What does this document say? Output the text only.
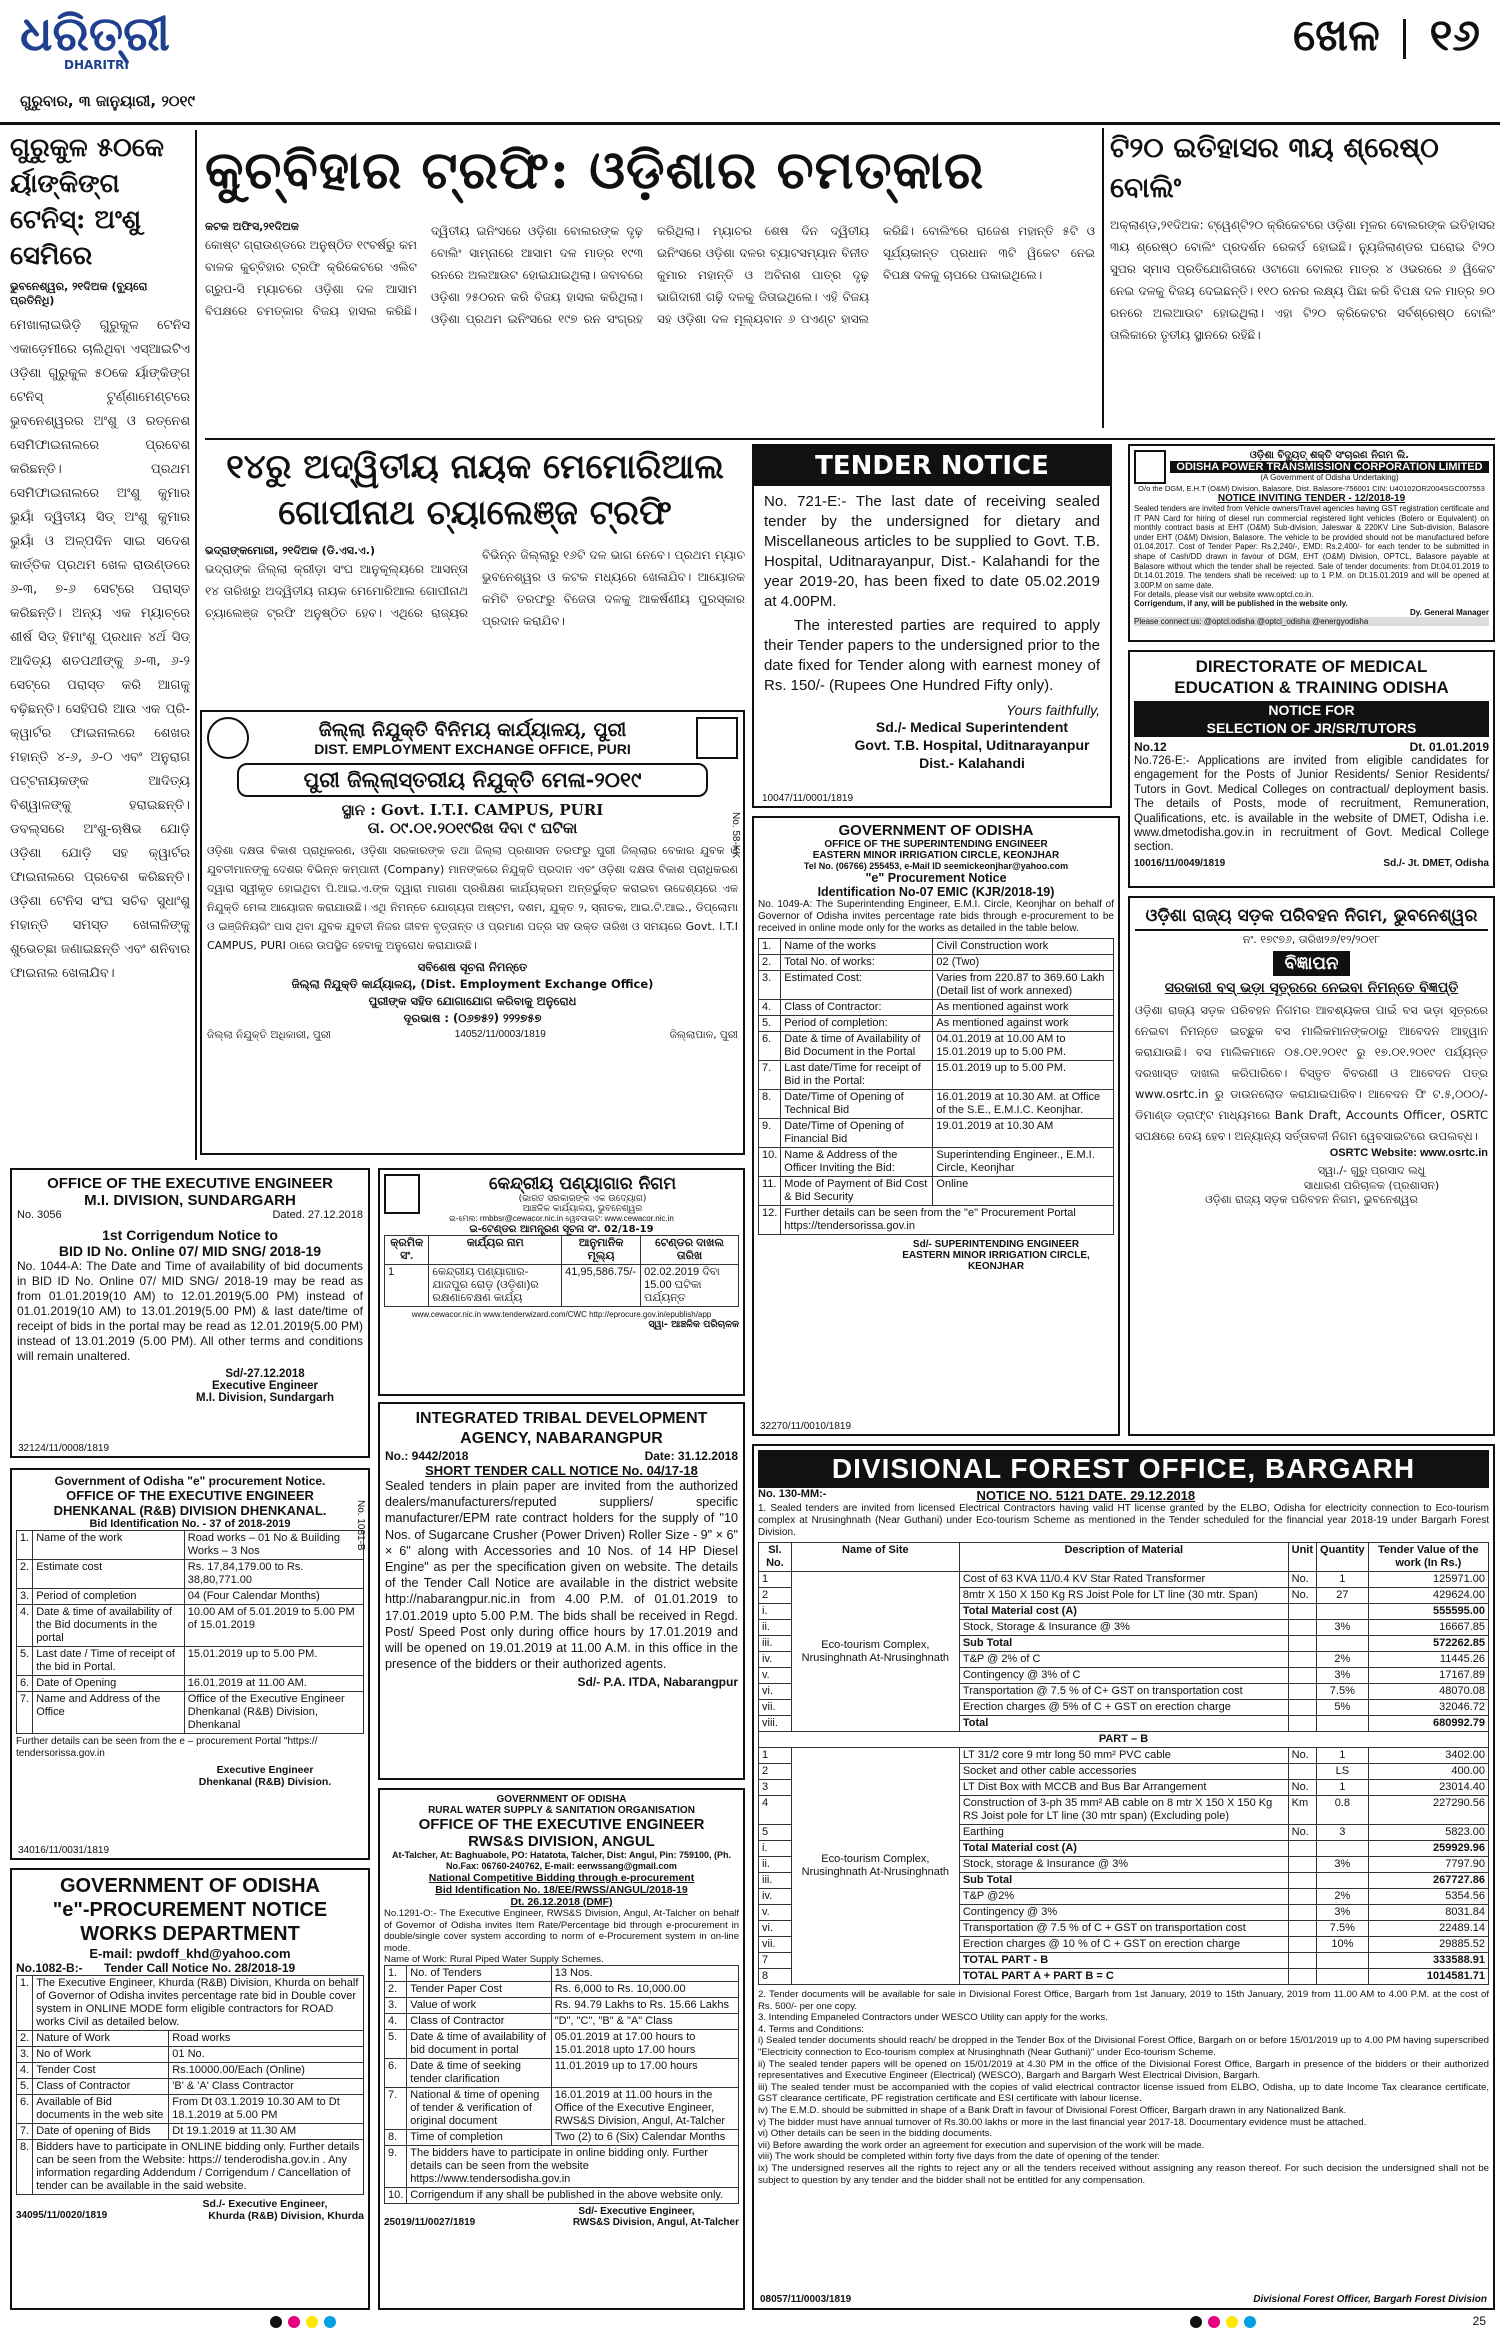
ଧରିତ୍ରୀ
DHARITRI
ଗୁରୁବାର, ୩ ଜାନୁୟାରୀ, ୨୦୧୯
ଖେଳ ୧୬
ଗୁରୁକୁଳ ୫୦କେ ର୍ୟାଙ୍କିଙ୍ଗ ଟେନିସ୍: ଅଂଶୁ ସେମିରେ
ଭୁବନେଶ୍ୱର, ୨୧ଦିଅକ (ବ୍ୟୁରୋ ପ୍ରତିନିଧି)
ମେଖାଲାଇଭିଡ଼ି ଗୁରୁକୁଳ ଟେନିସ ଏକାଡ଼େମୀରେ ଚାଲିଥିବା ଏସ୍‌ଆଇଟିଏ ଓଡ଼ିଶା ଗୁରୁକୁଳ ୫୦କେ ର୍ୟାଙ୍କିଙ୍ଗ ଟେନିସ୍ ଟୁର୍ଣ୍ଣାମେଣ୍ଟରେ ଭୁବନେଶ୍ୱରର ଅଂଶୁ ଓ ରତ୍ନେଶ ସେମିଫାଇନାଲରେ ପ୍ରବେଶ କରିଛନ୍ତି। ପ୍ରଥମ ସେମିଫାଇନାଲରେ ଅଂଶୁ କୁମାର ଭୁୟାଁ ଦ୍ୱିତୀୟ ସିଡ୍ ଅଂଶୁ କୁମାର ଭୁୟାଁ ଓ ଅଳ୍ପଦିନ ସାଇ ସଦେଶ କାର୍ତ୍ତିକ ପ୍ରଥମ ଖେଳ ରାଉଣ୍ଡରେ ୬-୩, ୭-୬ ସେଟ୍‌ରେ ପରାସ୍ତ କରିଛନ୍ତି। ଅନ୍ୟ ଏକ ମ୍ୟାଚ୍‌ରେ ଶୀର୍ଷ ସିଡ୍ ହିମାଂଶୁ ପ୍ରଧାନ ୪ର୍ଥ ସିଡ୍ ଆଦିତ୍ୟ ଶତପଥୀଙ୍କୁ ୬-୩, ୬-୨ ସେଟ୍‌ରେ ପରାସ୍ତ କରି ଆଗକୁ ବଢ଼ିଛନ୍ତି। ସେହିପରି ଆଉ ଏକ ପ୍ରି-କ୍ୱାର୍ଟର ଫାଇନାଲରେ ଶେଖର ମହାନ୍ତି ୪-୬, ୬-୦ ଏବଂ ଅନୁରାଗ ପଟ୍ଟନାୟକଙ୍କ ଆଦିତ୍ୟ ବିଶ୍ୱାଳଙ୍କୁ ହରାଇଛନ୍ତି। ଡବଲ୍‌ସରେ ଅଂଶୁ-ଋଷିଭ ଯୋଡ଼ି ଓଡ଼ିଶା ଯୋଡ଼ି ସହ କ୍ୱାର୍ଟର ଫାଇନାଲରେ ପ୍ରବେଶ କରିଛନ୍ତି। ଓଡ଼ିଶା ଟେନିସ ସଂଘ ସଚିବ ସୁଧାଂଶୁ ମହାନ୍ତି ସମସ୍ତ ଖେଳାଳିଙ୍କୁ ଶୁଭେଚ୍ଛା ଜଣାଇଛନ୍ତି ଏବଂ ଶନିବାର ଫାଇନାଲ ଖେଳାଯିବ।
କୁଚ୍‌ବିହାର ଟ୍ରଫି: ଓଡ଼ିଶାର ଚମତ୍କାର
କଟକ ଅଫିସ,୨୧ଦିଅକ
କୋଷ୍ଟ ଗ୍ରାଉଣ୍ଡରେ ଅନୁଷ୍ଠିତ ୧୯ବର୍ଷରୁ କମ ବାଳକ କୁଚ୍‌ବିହାର ଟ୍ରଫି କ୍ରିକେଟରେ ଏଲିଟ ଗ୍ରୁପ-ସି ମ୍ୟାଚରେ ଓଡ଼ିଶା ଦଳ ଆସାମ ବିପକ୍ଷରେ ଚମତ୍କାର ବିଜୟ ହାସଲ କରିଛି। ଦ୍ୱିତୀୟ ଇନିଂସରେ ଓଡ଼ିଶା ବୋଲରଙ୍କ ଦୃଢ଼ ବୋଲିଂ ସାମ୍ନାରେ ଆସାମ ଦଳ ମାତ୍ର ୧୯୩ ରନରେ ଅଲଆଉଟ ହୋଇଯାଇଥିଲା। ଜବାବରେ ଓଡ଼ିଶା ୨୫୦ରନ କରି ବିଜୟ ହାସଲ କରିଥିଲା। ଓଡ଼ିଶା ପ୍ରଥମ ଇନିଂସରେ ୧୯୭ ରନ ସଂଗ୍ରହ କରିଥିଲା। ମ୍ୟାଚର ଶେଷ ଦିନ ଦ୍ୱିତୀୟ ଇନିଂସରେ ଓଡ଼ିଶା ଦଳର ବ୍ୟାଟସମ୍ୟାନ ବିନୀତ କୁମାର ମହାନ୍ତି ଓ ଅବିନାଶ ପାତ୍ର ଦୃଢ଼ ଭାଗିଦାରୀ ଗଢ଼ି ଦଳକୁ ଜିତାଇଥିଲେ। ଏହି ବିଜୟ ସହ ଓଡ଼ିଶା ଦଳ ମୂଲ୍ୟବାନ ୬ ପଏଣ୍ଟ ହାସଲ କରିଛି। ବୋଲିଂରେ ରାଜେଶ ମହାନ୍ତି ୫ଟି ଓ ସୂର୍ଯ୍ୟକାନ୍ତ ପ୍ରଧାନ ୩ଟି ୱିକେଟ ନେଇ ବିପକ୍ଷ ଦଳକୁ ଚାପରେ ପକାଇଥିଲେ।
ଟି୨୦ ଇତିହାସର ୩ୟ ଶ୍ରେଷ୍ଠ ବୋଲିଂ
ଅକ୍‌ଲାଣ୍ଡ,୨୧ଦିଅକ: ଟ୍ୱେଣ୍ଟି୨୦ କ୍ରିକେଟରେ ଓଡ଼ିଶା ମୂଳର ବୋଲରଙ୍କ ଇତିହାସର ୩ୟ ଶ୍ରେଷ୍ଠ ବୋଲିଂ ପ୍ରଦର୍ଶନ ରେକର୍ଡ ହୋଇଛି। ନ୍ୟୁଜିଲାଣ୍ଡର ଘରୋଇ ଟି୨୦ ସୁପର ସ୍ମାସ ପ୍ରତିଯୋଗିତାରେ ଓଟାଗୋ ବୋଲର ମାତ୍ର ୪ ଓଭରରେ ୬ ୱିକେଟ ନେଇ ଦଳକୁ ବିଜୟ ଦେଇଛନ୍ତି। ୧୧୦ ରନର ଲକ୍ଷ୍ୟ ପିଛା କରି ବିପକ୍ଷ ଦଳ ମାତ୍ର ୭୦ ରନରେ ଅଲଆଉଟ ହୋଇଥିଲା। ଏହା ଟି୨୦ କ୍ରିକେଟର ସର୍ବଶ୍ରେଷ୍ଠ ବୋଲିଂ ତାଲିକାରେ ତୃତୀୟ ସ୍ଥାନରେ ରହିଛି।
୧୪ରୁ ଅଦ୍ୱିତୀୟ ନାୟକ ମେମୋରିଆଲ
ଗୋପୀନାଥ ଚ୍ୟାଲେଞ୍ଜ ଟ୍ରଫି
ଭଦ୍ରାଙ୍କମୋରୀ, ୨୧ଦିଅକ (ଡି.ଏସ.ଏ.)
ଭଦ୍ରାଙ୍କ ଜିଲ୍ଲା କ୍ରୀଡ଼ା ସଂଘ ଆନୁକୂଲ୍ୟରେ ଆସନ୍ତା ୧୪ ତାରିଖରୁ ଅଦ୍ୱିତୀୟ ନାୟକ ମେମୋରିଆଲ ଗୋପୀନାଥ ଚ୍ୟାଲେଞ୍ଜ ଟ୍ରଫି ଅନୁଷ୍ଠିତ ହେବ। ଏଥିରେ ରାଜ୍ୟର ବିଭିନ୍ନ ଜିଲ୍ଲାରୁ ୧୬ଟି ଦଳ ଭାଗ ନେବେ। ପ୍ରଥମ ମ୍ୟାଚ ଭୁବନେଶ୍ୱର ଓ କଟକ ମଧ୍ୟରେ ଖେଳାଯିବ। ଆୟୋଜକ କମିଟି ତରଫରୁ ବିଜେତା ଦଳକୁ ଆକର୍ଷଣୀୟ ପୁରସ୍କାର ପ୍ରଦାନ କରାଯିବ।
TENDER NOTICE
No. 721-E:- The last date of receiving sealed tender by the undersigned for dietary and Miscellaneous articles to be supplied to Govt. T.B. Hospital, Uditnarayanpur, Dist.- Kalahandi for the year 2019-20, has been fixed to date 05.02.2019 at 4.00PM.
The interested parties are required to apply their Tender papers to the undersigned prior to the date fixed for Tender along with earnest money of Rs. 150/- (Rupees One Hundred Fifty only).
Yours faithfully,
Sd./- Medical Superintendent
Govt. T.B. Hospital, Uditnarayanpur
Dist.- Kalahandi
10047/11/0001/1819
ଓଡ଼ିଶା ବିଦ୍ୟୁତ୍ ଶକ୍ତି ସଂଚାରଣ ନିଗମ ଲି.
ODISHA POWER TRANSMISSION CORPORATION LIMITED
(A Government of Odisha Undertaking)
O/o the DGM, E.H.T (O&M) Division, Balasore, Dist. Balasore-756001 CIN: U40102OR2004SGC007553
NOTICE INVITING TENDER - 12/2018-19
Sealed tenders are invited from Vehicle owners/Travel agencies having GST registration certificate and IT PAN Card for hiring of diesel run commercial registered light vehicles (Bolero or Equivalent) on monthly contract basis at EHT (O&M) Sub-division, Jaleswar & 220KV Line Sub-division, Balasore under EHT (O&M) Division, Balasore. The vehicle to be provided should not be manufactured before 01.04.2017. Cost of Tender Paper: Rs.2,240/-, EMD: Rs.2,400/- for each tender to be submitted in shape of Cash/DD drawn in favour of DGM, EHT (O&M) Division, OPTCL, Balasore payable at Balasore without which the tender shall be rejected. Sale of tender documents: from Dt.04.01.2019 to Dt.14.01.2019. The tenders shall be received: up to 1 P.M. on Dt.15.01.2019 and will be opened at 3.00P.M on same date.
For details, please visit our website www.optcl.co.in.
Corrigendum, if any, will be published in the website only.
Dy. General Manager
Please connect us: @optcl.odisha @optcl_odisha @energyodisha
DIRECTORATE OF MEDICAL
EDUCATION & TRAINING ODISHA
NOTICE FOR
SELECTION OF JR/SR/TUTORS
No.12	Dt. 01.01.2019
No.726-E:- Applications are invited from eligible candidates for engagement for the Posts of Junior Residents/ Senior Residents/ Tutors in Govt. Medical Colleges on contractual/ deployment basis. The details of Posts, mode of recruitment, Remuneration, Qualifications, etc. is available in the website of DMET, Odisha i.e. www.dmetodisha.gov.in in recruitment of Govt. Medical College section.
10016/11/0049/1819	Sd./- Jt. DMET, Odisha
ଓଡ଼ିଶା ରାଜ୍ୟ ସଡ଼କ ପରିବହନ ନିଗମ, ଭୁବନେଶ୍ୱର
ନଂ. ୧୭୯୭୬, ତାରିଖ୨୬/୧୨/୨୦୧୮
ବିଜ୍ଞାପନ
ସରକାରୀ ବସ୍ ଭଡ଼ା ସୂତ୍ରରେ ନେଇବା ନିମନ୍ତେ ବିଜ୍ଞପ୍ତି
ଓଡ଼ିଶା ରାଜ୍ୟ ସଡ଼କ ପରିବହନ ନିଗମର ଆବଶ୍ୟକତା ପାଇଁ ବସ ଭଡ଼ା ସୂତ୍ରରେ ନେଇବା ନିମନ୍ତେ ଇଚ୍ଛୁକ ବସ ମାଲିକମାନଙ୍କଠାରୁ ଆବେଦନ ଆହ୍ୱାନ କରାଯାଉଛି। ବସ ମାଲିକମାନେ ୦୫.୦୧.୨୦୧୯ ରୁ ୧୭.୦୧.୨୦୧୯ ପର୍ଯ୍ୟନ୍ତ ଦରଖାସ୍ତ ଦାଖଲ କରିପାରିବେ। ବିସ୍ତୃତ ବିବରଣୀ ଓ ଆବେଦନ ପତ୍ର www.osrtc.in ରୁ ଡାଉନଲୋଡ କରାଯାଇପାରିବ। ଆବେଦନ ଫି ଟ.୫,୦୦୦/- ଡିମାଣ୍ଡ ଡ୍ରାଫ୍ଟ ମାଧ୍ୟମରେ Bank Draft, Accounts Officer, OSRTC ସପକ୍ଷରେ ଦେୟ ହେବ। ଅନ୍ୟାନ୍ୟ ସର୍ତ୍ତାବଳୀ ନିଗମ ୱେବସାଇଟରେ ଉପଲବ୍ଧ।
OSRTC Website: www.osrtc.in
ସ୍ୱା./- ଗୁରୁ ପ୍ରସାଦ ଲଧୁ
ସାଧାରଣ ପରିଚାଳକ (ପ୍ରଶାସନ)
ଓଡ଼ିଶା ରାଜ୍ୟ ସଡ଼କ ପରିବହନ ନିଗମ, ଭୁବନେଶ୍ୱର
ଜିଲ୍ଲା ନିଯୁକ୍ତି ବିନିମୟ କାର୍ଯ୍ୟାଳୟ, ପୁରୀ
DIST. EMPLOYMENT EXCHANGE OFFICE, PURI
ପୁରୀ ଜିଲ୍ଲାସ୍ତରୀୟ ନିଯୁକ୍ତି ମେଳା-୨୦୧୯
ସ୍ଥାନ : Govt. I.T.I. CAMPUS, PURI
ତା. ୦୯.୦୧.୨୦୧୯ରିଖ ଦିବା ୯ ଘଟିକା
ଓଡ଼ିଶା ଦକ୍ଷତା ବିକାଶ ପ୍ରାଧିକରଣ, ଓଡ଼ିଶା ସରକାରଙ୍କ ତଥା ଜିଲ୍ଲା ପ୍ରଶାସନ ତରଫରୁ ପୁରୀ ଜିଲ୍ଲାର ବେକାର ଯୁବକ ଓ ଯୁବତୀମାନଙ୍କୁ ଦେଶର ବିଭିନ୍ନ କମ୍ପାନୀ (Company) ମାନଙ୍କରେ ନିଯୁକ୍ତି ପ୍ରଦାନ ଏବଂ ଓଡ଼ିଶା ଦକ୍ଷତା ବିକାଶ ପ୍ରାଧିକରଣ ଦ୍ୱାରା ସ୍ୱୀକୃତ ହୋଇଥିବା ପି.ଆଇ.ଏ.ଙ୍କ ଦ୍ୱାରା ମାଗଣା ପ୍ରଶିକ୍ଷଣ କାର୍ଯ୍ୟକ୍ରମ ଅନ୍ତର୍ଭୁକ୍ତ କରାଇବା ଉଦ୍ଦେଶ୍ୟରେ ଏକ ନିଯୁକ୍ତି ମେଳା ଆୟୋଜନ କରାଯାଉଛି। ଏଥି ନିମନ୍ତେ ଯୋଗ୍ୟତା ଅଷ୍ଟମ, ଦଶମ, ଯୁକ୍ତ ୨, ସ୍ନାତକ, ଆଇ.ଟି.ଆଇ., ଡିପ୍ଲୋମା ଓ ଇଞ୍ଜିନିୟରିଂ ପାସ ଥିବା ଯୁବକ ଯୁବତୀ ନିଜର ଜୀବନ ବୃତ୍ତାନ୍ତ ଓ ପ୍ରମାଣ ପତ୍ର ସହ ଉକ୍ତ ତାରିଖ ଓ ସମୟରେ Govt. I.T.I CAMPUS, PURI ଠାରେ ଉପସ୍ଥିତ ହେବାକୁ ଅନୁରୋଧ କରାଯାଉଛି।
ସବିଶେଷ ସୂଚନା ନିମନ୍ତେ
ଜିଲ୍ଲା ନିଯୁକ୍ତି କାର୍ଯ୍ୟାଳୟ, (Dist. Employment Exchange Office)
ପୁରୀଙ୍କ ସହିତ ଯୋଗାଯୋଗ କରିବାକୁ ଅନୁରୋଧ
ଦୂରଭାଷ : (୦୬୭୫୨) ୨୨୨୭୫୭
ଜିଲ୍ଲା ନିଯୁକ୍ତି ଅଧିକାରୀ, ପୁରୀ	14052/11/0003/1819	ଜିଲ୍ଲାପାଳ, ପୁରୀ
No. 58-KK	GOVERNMENT OF ODISHA
OFFICE OF THE SUPERINTENDING ENGINEER
EASTERN MINOR IRRIGATION CIRCLE, KEONJHAR
Tel No. (06766) 255453, e-Mail ID seemickeonjhar@yahoo.com
"e" Procurement Notice
Identification No-07 EMIC (KJR/2018-19)
No. 1049-A: The Superintending Engineer, E.M.I. Circle, Keonjhar on behalf of Governor of Odisha invites percentage rate bids through e-procurement to be received in online mode only for the works as detailed in the table below.
1.	Name of the works	Civil Construction work
2.	Total No. of works:	02 (Two)
3.	Estimated Cost:	Varies from 220.87 to 369.60 Lakh (Detail list of work annexed)
4.	Class of Contractor:	As mentioned against work
5.	Period of completion:	As mentioned against work
6.	Date & time of Availability of Bid Document in the Portal	04.01.2019 at 10.00 AM to 15.01.2019 up to 5.00 PM.
7.	Last date/Time for receipt of Bid in the Portal:	15.01.2019 up to 5.00 PM.
8.	Date/Time of Opening of Technical Bid	16.01.2019 at 10.30 AM. at Office of the S.E., E.M.I.C. Keonjhar.
9.	Date/Time of Opening of Financial Bid	19.01.2019 at 10.30 AM
10.	Name & Address of the Officer Inviting the Bid:	Superintending Engineer., E.M.I. Circle, Keonjhar
11.	Mode of Payment of Bid Cost & Bid Security	Online
12.	Further details can be seen from the "e" Procurement Portal https://tendersorissa.gov.in	
Sd/- SUPERINTENDING ENGINEER
EASTERN MINOR IRRIGATION CIRCLE, KEONJHAR
32270/11/0010/1819
OFFICE OF THE EXECUTIVE ENGINEER
M.I. DIVISION, SUNDARGARH
No. 3056	Dated. 27.12.2018
1st Corrigendum Notice to
BID ID No. Online 07/ MID SNG/ 2018-19
No. 1044-A: The Date and Time of availability of bid documents in BID ID No. Online 07/ MID SNG/ 2018-19 may be read as from 01.01.2019(10 AM) to 12.01.2019(5.00 PM) instead of 01.01.2019(10 AM) to 13.01.2019(5.00 PM) & last date/time of receipt of bids in the portal may be read as 12.01.2019(5.00 PM) instead of 13.01.2019 (5.00 PM). All other terms and conditions will remain unaltered.
Sd/-27.12.2018
Executive Engineer
M.I. Division, Sundargarh
32124/11/0008/1819
କେନ୍ଦ୍ରୀୟ ପଣ୍ୟାଗାର ନିଗମ
(ଭାରତ ସରକାରଙ୍କ ଏକ ଉଦ୍ୟୋଗ)
ଆଞ୍ଚଳିକ କାର୍ଯ୍ୟାଳୟ, ଭୁବନେଶ୍ୱର
ଇ-ମେଲ: rmbbsr@cewacor.nic.in ୱେବସାଇଟ: www.cewacor.nic.in
ଇ-ଟେଣ୍ଡର ଆମନ୍ତ୍ରଣ ସୂଚନା ସଂ. 02/18-19
କ୍ରମିକ ସଂ.	କାର୍ଯ୍ୟର ନାମ	ଆନୁମାନିକ ମୂଲ୍ୟ	ଟେଣ୍ଡର ଦାଖଲ ତାରିଖ
1	କେନ୍ଦ୍ରୀୟ ପଣ୍ୟାଗାର-ଯାଜପୁର ରୋଡ଼ (ଓଡ଼ିଶା)ର ରକ୍ଷଣାବେକ୍ଷଣ କାର୍ଯ୍ୟ	41,95,586.75/-	02.02.2019 ଦିବା 15.00 ଘଟିକା ପର୍ଯ୍ୟନ୍ତ
www.cewacor.nic.in www.tenderwizard.com/CWC http://eprocure.gov.in/epublish/app
ସ୍ୱା- ଆଞ୍ଚଳିକ ପରିଚାଳକ
INTEGRATED TRIBAL DEVELOPMENT
AGENCY, NABARANGPUR
No.: 9442/2018	Date: 31.12.2018
SHORT TENDER CALL NOTICE No. 04/17-18
Sealed tenders in plain paper are invited from the authorized dealers/manufacturers/reputed suppliers/ specific manufacturer/EPM rate contract holders for the supply of "10 Nos. of Sugarcane Crusher (Power Driven) Roller Size - 9" × 6" × 6" along with Accessories and 10 Nos. of 14 HP Diesel Engine" as per the specification given on website. The details of the Tender Call Notice are available in the district website http://nabarangpur.nic.in from 4.00 P.M. of 01.01.2019 to 17.01.2019 upto 5.00 P.M. The bids shall be received in Regd. Post/ Speed Post only during office hours by 17.01.2019 and will be opened on 19.01.2019 at 11.00 A.M. in this office in the presence of the bidders or their authorized agents.
Sd/- P.A. ITDA, Nabarangpur
Government of Odisha "e" procurement Notice.
OFFICE OF THE EXECUTIVE ENGINEER
DHENKANAL (R&B) DIVISION DHENKANAL.
Bid Identification No. - 37 of 2018-2019
1.	Name of the work	Road works – 01 No & Building Works – 3 Nos
2.	Estimate cost	Rs. 17,84,179.00 to Rs. 38,80,771.00
3.	Period of completion	04 (Four Calendar Months)
4.	Date & time of availability of the Bid documents in the portal	10.00 AM of 5.01.2019 to 5.00 PM of 15.01.2019
5.	Last date / Time of receipt of the bid in Portal.	15.01.2019 up to 5.00 PM.
6.	Date of Opening	16.01.2019 at 11.00 AM.
7.	Name and Address of the Office	Office of the Executive Engineer Dhenkanal (R&B) Division, Dhenkanal
Further details can be seen from the e – procurement Portal "https:// tendersorissa.gov.in
Executive Engineer
Dhenkanal (R&B) Division.
34016/11/0031/1819
No. 1081-B
GOVERNMENT OF ODISHA
"e"-PROCUREMENT NOTICE
WORKS DEPARTMENT
E-mail: pwdoff_khd@yahoo.com
No.1082-B:- Tender Call Notice No. 28/2018-19
1.	The Executive Engineer, Khurda (R&B) Division, Khurda on behalf of Governor of Odisha invites percentage rate bid in Double cover system in ONLINE MODE form eligible contractors for ROAD works Civil as detailed below.	
2.	Nature of Work	Road works
3.	No of Work	01 No.
4.	Tender Cost	Rs.10000.00/Each (Online)
5.	Class of Contractor	'B' & 'A' Class Contractor
6.	Available of Bid documents in the web site	From Dt 03.1.2019 10.30 AM to Dt 18.1.2019 at 5.00 PM
7.	Date of opening of Bids	Dt 19.1.2019 at 11.30 AM
8.	Bidders have to participate in ONLINE bidding only. Further details can be seen from the Website: https:// tenderodisha.gov.in . Any information regarding Addendum / Corrigendum / Cancellation of tender can be available in the said website.	
Sd./- Executive Engineer,
34095/11/0020/1819	Khurda (R&B) Division, Khurda
GOVERNMENT OF ODISHA
RURAL WATER SUPPLY & SANITATION ORGANISATION
OFFICE OF THE EXECUTIVE ENGINEER
RWS&S DIVISION, ANGUL
At-Talcher, At: Baghuabole, PO: Hatatota, Talcher, Dist: Angul, Pin: 759100, (Ph. No.Fax: 06760-240762, E-mail: eerwssang@gmail.com
National Competitive Bidding through e-procurement
Bid Identification No. 18/EE/RWSS/ANGUL/2018-19
Dt. 26.12.2018 (DMF)
No.1291-O:- The Executive Engineer, RWS&S Division, Angul, At-Talcher on behalf of Governor of Odisha invites Item Rate/Percentage bid through e-procurement in double/single cover system according to norm of e-Procurement system in on-line mode.
Name of Work: Rural Piped Water Supply Schemes.
1.	No. of Tenders	13 Nos.
2.	Tender Paper Cost	Rs. 6,000 to Rs. 10,000.00
3.	Value of work	Rs. 94.79 Lakhs to Rs. 15.66 Lakhs
4.	Class of Contractor	"D", "C", "B" & "A" Class
5.	Date & time of availability of bid document in portal	05.01.2019 at 17.00 hours to 15.01.2018 upto 17.00 hours
6.	Date & time of seeking tender clarification	11.01.2019 up to 17.00 hours
7.	National & time of opening of tender & verification of original document	16.01.2019 at 11.00 hours in the Office of the Executive Engineer, RWS&S Division, Angul, At-Talcher
8.	Time of completion	Two (2) to 6 (Six) Calendar Months
9.	The bidders have to participate in online bidding only. Further details can be seen from the website https://www.tendersodisha.gov.in	
10.	Corrigendum if any shall be published in the above website only.	
Sd/- Executive Engineer,
25019/11/0027/1819	RWS&S Division, Angul, At-Talcher
DIVISIONAL FOREST OFFICE, BARGARH
No. 130-MM:-	NOTICE NO. 5121 DATE. 29.12.2018
1. Sealed tenders are invited from licensed Electrical Contractors having valid HT license granted by the ELBO, Odisha for electricity connection to Eco-tourism complex at Nrusinghnath (Near Guthani) under Eco-tourism Scheme as mentioned in the Tender scheduled for the financial year 2018-19 under Bargarh Forest Division.
Sl. No.	Name of Site	Description of Material	Unit	Quantity	Tender Value of the work (In Rs.)
1	Eco-tourism Complex, Nrusinghnath At-Nrusinghnath	Cost of 63 KVA 11/0.4 KV Star Rated Transformer	No.	1	125971.00
2		8mtr X 150 X 150 Kg RS Joist Pole for LT line (30 mtr. Span)	No.	27	429624.00
i.		Total Material cost (A)			555595.00
ii.		Stock, Storage & Insurance @ 3%		3%	16667.85
iii.		Sub Total			572262.85
iv.		T&P @ 2% of C		2%	11445.26
v.		Contingency @ 3% of C		3%	17167.89
vi.		Transportation @ 7.5 % of C+ GST on transportation cost		7.5%	48070.08
vii.		Erection charges @ 5% of C + GST on erection charge		5%	32046.72
viii.		Total			680992.79
PART – B					
1	Eco-tourism Complex, Nrusinghnath At-Nrusinghnath	LT 31/2 core 9 mtr long 50 mm² PVC cable	No.	1	3402.00
2		Socket and other cable accessories		LS	400.00
3		LT Dist Box with MCCB and Bus Bar Arrangement	No.	1	23014.40
4		Construction of 3-ph 35 mm² AB cable on 8 mtr X 150 X 150 Kg RS Joist pole for LT line (30 mtr span) (Excluding pole)	Km	0.8	227290.56
5		Earthing	No.	3	5823.00
i.		Total Material cost (A)			259929.96
ii.		Stock, storage & Insurance @ 3%		3%	7797.90
iii.		Sub Total			267727.86
iv.		T&P @2%		2%	5354.56
v.		Contingency @ 3%		3%	8031.84
vi.		Transportation @ 7.5 % of C + GST on transportation cost		7.5%	22489.14
vii.		Erection charges @ 10 % of C + GST on erection charge		10%	29885.52
7		TOTAL PART - B			333588.91
8		TOTAL PART A + PART B = C			1014581.71
2. Tender documents will be available for sale in Divisional Forest Office, Bargarh from 1st January, 2019 to 15th January, 2019 from 11.00 AM to 4.00 P.M. at the cost of Rs. 500/- per one copy.
3. Intending Empaneled Contractors under WESCO Utility can apply for the works.
4. Terms and Conditions:
i) Sealed tender documents should reach/ be dropped in the Tender Box of the Divisional Forest Office, Bargarh on or before 15/01/2019 up to 4.00 PM having superscribed "Electricity connection to Eco-tourism complex at Nrusinghnath (Near Guthani)" under Eco-tourism Scheme.
ii) The sealed tender papers will be opened on 15/01/2019 at 4.30 PM in the office of the Divisional Forest Office, Bargarh in presence of the bidders or their authorized representatives and Executive Engineer (Electrical) (WESCO), Bargarh and Bargarh West Electrical Division, Bargarh.
iii) The sealed tender must be accompanied with the copies of valid electrical contractor license issued from ELBO, Odisha, up to date Income Tax clearance certificate, GST clearance certificate, PF registration certificate and ESI certificate with labour license.
iv) The E.M.D. should be submitted in shape of a Bank Draft in favour of Divisional Forest Officer, Bargarh drawn in any Nationalized Bank.
v) The bidder must have annual turnover of Rs.30.00 lakhs or more in the last financial year 2017-18. Documentary evidence must be attached.
vi) Other details can be seen in the bidding documents.
vii) Before awarding the work order an agreement for execution and supervision of the work will be made.
viii) The work should be completed within forty five days from the date of opening of the tender.
ix) The undersigned reserves all the rights to reject any or all the tenders received without assigning any reason thereof. For such decision the undersigned shall not be subject to question by any tender and the bidder shall not be entitled for any compensation.
08057/11/0003/1819	Divisional Forest Officer, Bargarh Forest Division
25
